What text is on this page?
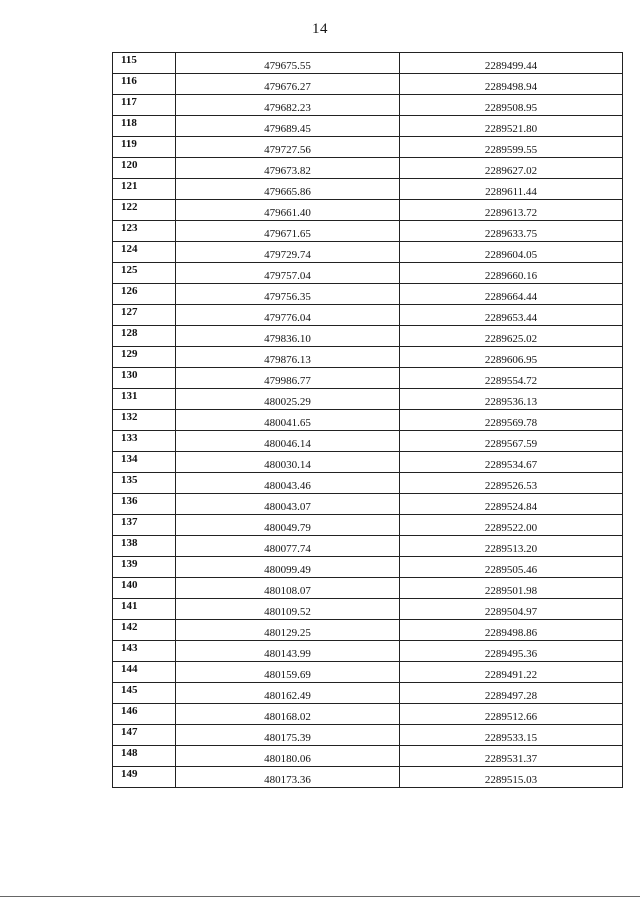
14
115	479675.55	2289499.44
116	479676.27	2289498.94
117	479682.23	2289508.95
118	479689.45	2289521.80
119	479727.56	2289599.55
120	479673.82	2289627.02
121	479665.86	2289611.44
122	479661.40	2289613.72
123	479671.65	2289633.75
124	479729.74	2289604.05
125	479757.04	2289660.16
126	479756.35	2289664.44
127	479776.04	2289653.44
128	479836.10	2289625.02
129	479876.13	2289606.95
130	479986.77	2289554.72
131	480025.29	2289536.13
132	480041.65	2289569.78
133	480046.14	2289567.59
134	480030.14	2289534.67
135	480043.46	2289526.53
136	480043.07	2289524.84
137	480049.79	2289522.00
138	480077.74	2289513.20
139	480099.49	2289505.46
140	480108.07	2289501.98
141	480109.52	2289504.97
142	480129.25	2289498.86
143	480143.99	2289495.36
144	480159.69	2289491.22
145	480162.49	2289497.28
146	480168.02	2289512.66
147	480175.39	2289533.15
148	480180.06	2289531.37
149	480173.36	2289515.03
